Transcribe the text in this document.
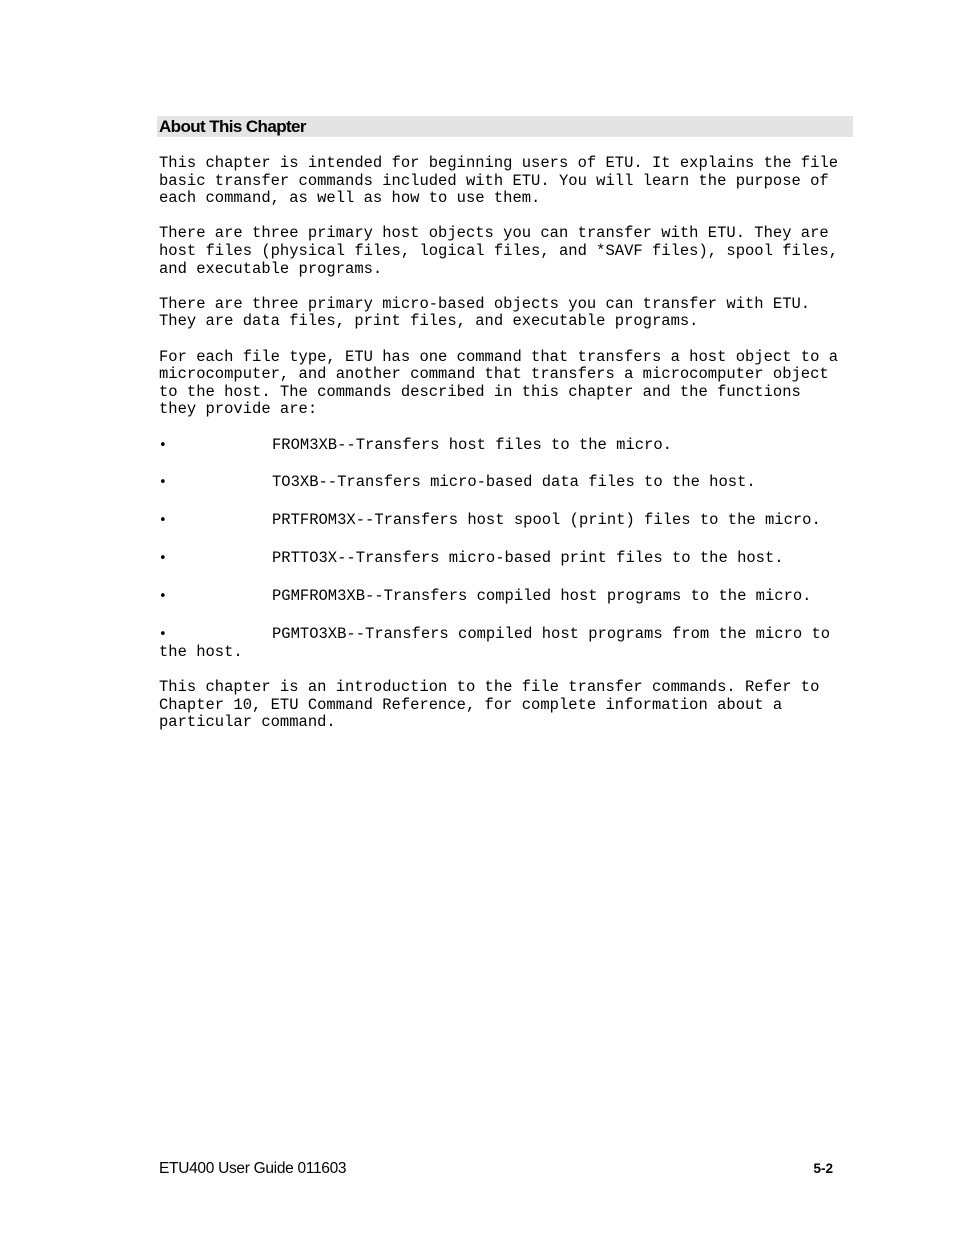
About This Chapter

This chapter is intended for beginning users of ETU. It explains the file
basic transfer commands included with ETU. You will learn the purpose of
each command, as well as how to use them.

There are three primary host objects you can transfer with ETU. They are
host files (physical files, logical files, and *SAVF files), spool files,
and executable programs.

There are three primary micro-based objects you can transfer with ETU.
They are data files, print files, and executable programs.

For each file type, ETU has one command that transfers a host object to a
microcomputer, and another command that transfers a microcomputer object
to the host. The commands described in this chapter and the functions
they provide are:

•	FROM3XB--Transfers host files to the micro.
•	TO3XB--Transfers micro-based data files to the host.
•	PRTFROM3X--Transfers host spool (print) files to the micro.
•	PRTTO3X--Transfers micro-based print files to the host.
•	PGMFROM3XB--Transfers compiled host programs to the micro.
•	PGMTO3XB--Transfers compiled host programs from the micro to
the host.

This chapter is an introduction to the file transfer commands. Refer to
Chapter 10, ETU Command Reference, for complete information about a
particular command.

ETU400 User Guide 011603	5-2
